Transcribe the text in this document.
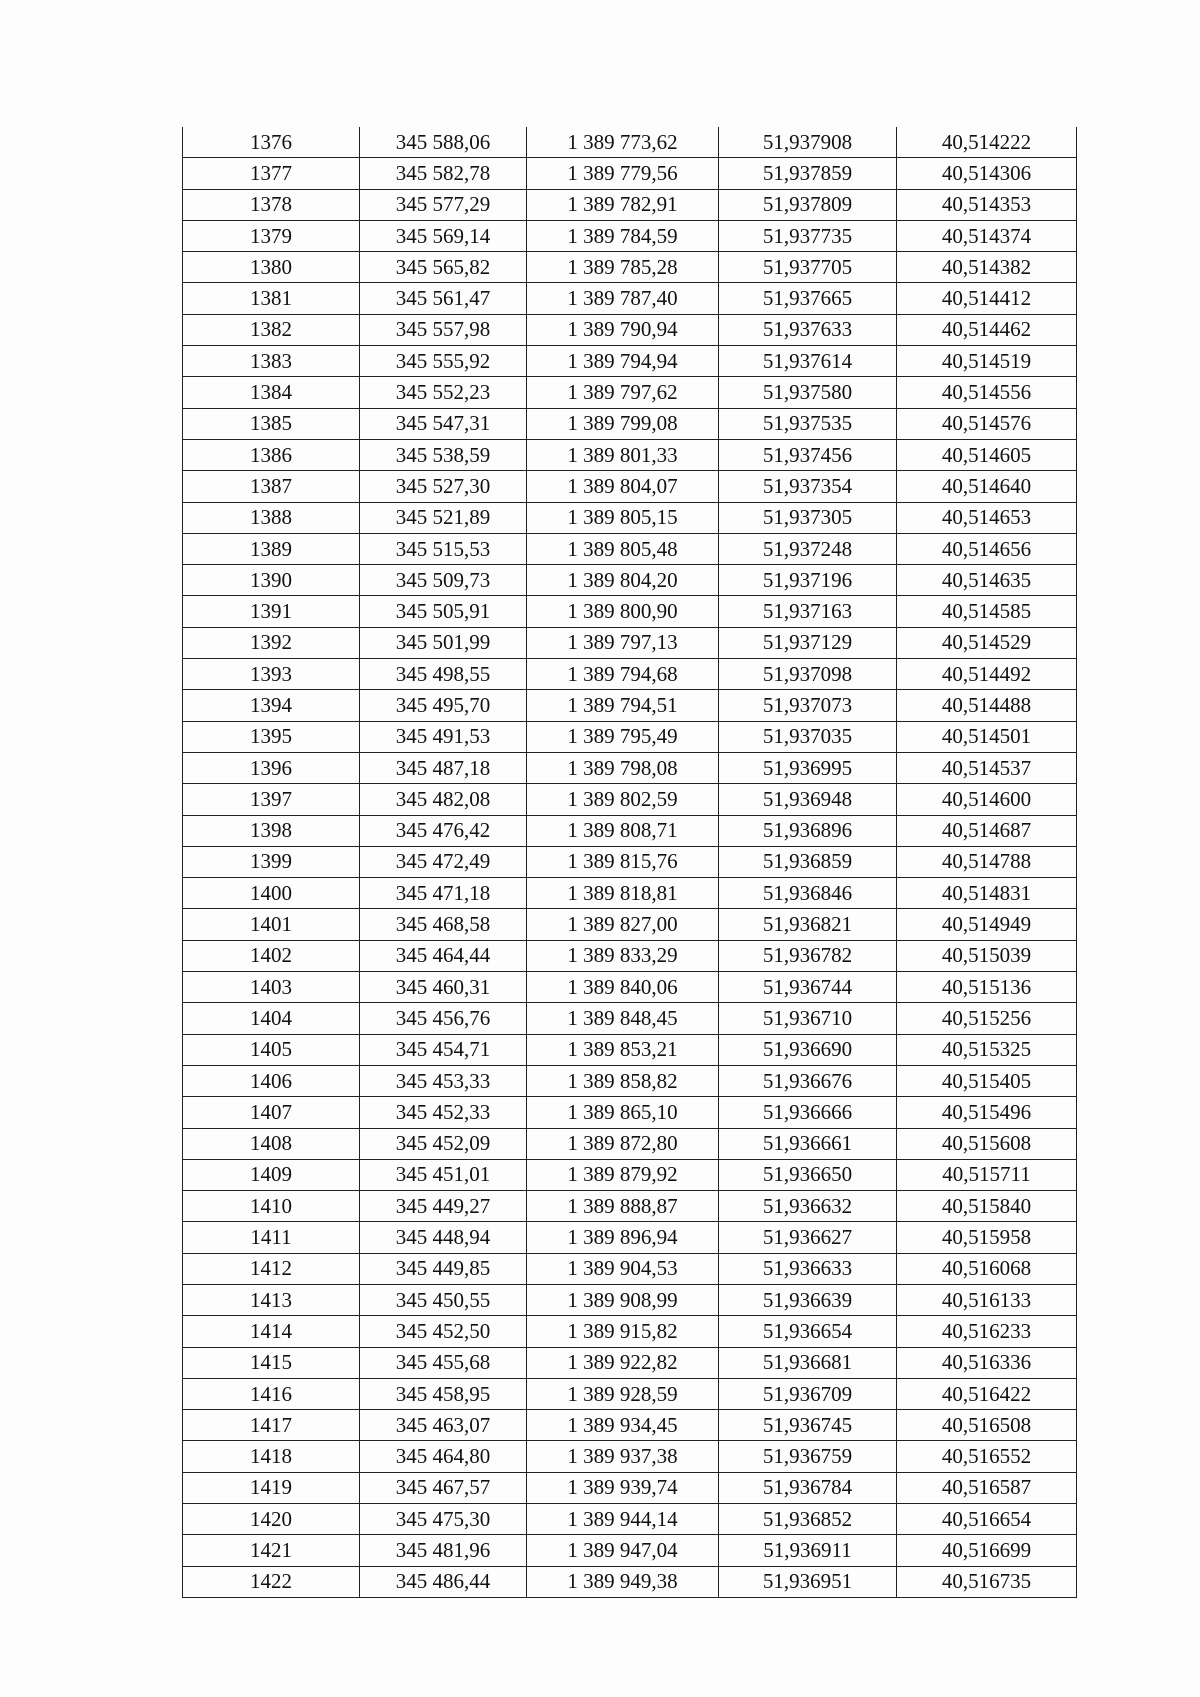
1376	345 588,06	1 389 773,62	51,937908	40,514222
1377	345 582,78	1 389 779,56	51,937859	40,514306
1378	345 577,29	1 389 782,91	51,937809	40,514353
1379	345 569,14	1 389 784,59	51,937735	40,514374
1380	345 565,82	1 389 785,28	51,937705	40,514382
1381	345 561,47	1 389 787,40	51,937665	40,514412
1382	345 557,98	1 389 790,94	51,937633	40,514462
1383	345 555,92	1 389 794,94	51,937614	40,514519
1384	345 552,23	1 389 797,62	51,937580	40,514556
1385	345 547,31	1 389 799,08	51,937535	40,514576
1386	345 538,59	1 389 801,33	51,937456	40,514605
1387	345 527,30	1 389 804,07	51,937354	40,514640
1388	345 521,89	1 389 805,15	51,937305	40,514653
1389	345 515,53	1 389 805,48	51,937248	40,514656
1390	345 509,73	1 389 804,20	51,937196	40,514635
1391	345 505,91	1 389 800,90	51,937163	40,514585
1392	345 501,99	1 389 797,13	51,937129	40,514529
1393	345 498,55	1 389 794,68	51,937098	40,514492
1394	345 495,70	1 389 794,51	51,937073	40,514488
1395	345 491,53	1 389 795,49	51,937035	40,514501
1396	345 487,18	1 389 798,08	51,936995	40,514537
1397	345 482,08	1 389 802,59	51,936948	40,514600
1398	345 476,42	1 389 808,71	51,936896	40,514687
1399	345 472,49	1 389 815,76	51,936859	40,514788
1400	345 471,18	1 389 818,81	51,936846	40,514831
1401	345 468,58	1 389 827,00	51,936821	40,514949
1402	345 464,44	1 389 833,29	51,936782	40,515039
1403	345 460,31	1 389 840,06	51,936744	40,515136
1404	345 456,76	1 389 848,45	51,936710	40,515256
1405	345 454,71	1 389 853,21	51,936690	40,515325
1406	345 453,33	1 389 858,82	51,936676	40,515405
1407	345 452,33	1 389 865,10	51,936666	40,515496
1408	345 452,09	1 389 872,80	51,936661	40,515608
1409	345 451,01	1 389 879,92	51,936650	40,515711
1410	345 449,27	1 389 888,87	51,936632	40,515840
1411	345 448,94	1 389 896,94	51,936627	40,515958
1412	345 449,85	1 389 904,53	51,936633	40,516068
1413	345 450,55	1 389 908,99	51,936639	40,516133
1414	345 452,50	1 389 915,82	51,936654	40,516233
1415	345 455,68	1 389 922,82	51,936681	40,516336
1416	345 458,95	1 389 928,59	51,936709	40,516422
1417	345 463,07	1 389 934,45	51,936745	40,516508
1418	345 464,80	1 389 937,38	51,936759	40,516552
1419	345 467,57	1 389 939,74	51,936784	40,516587
1420	345 475,30	1 389 944,14	51,936852	40,516654
1421	345 481,96	1 389 947,04	51,936911	40,516699
1422	345 486,44	1 389 949,38	51,936951	40,516735
